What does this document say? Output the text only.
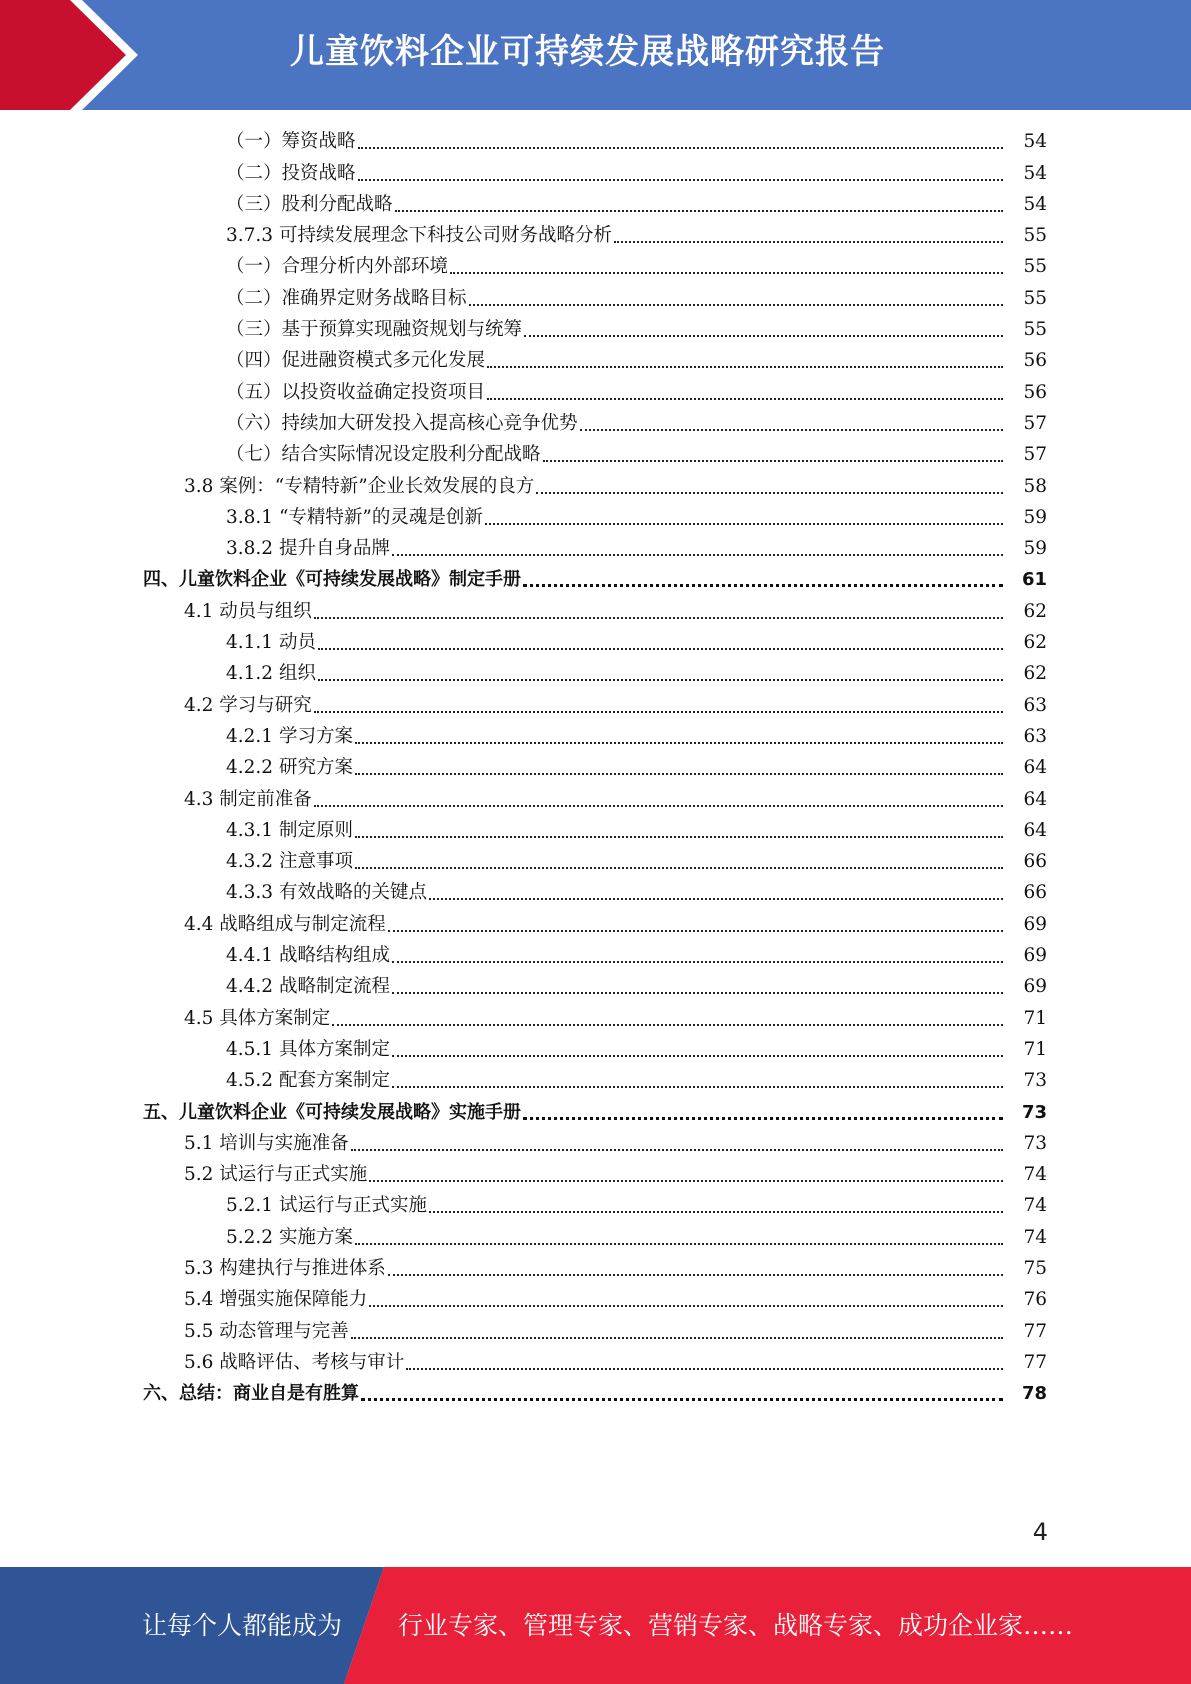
儿童饮料企业可持续发展战略研究报告
（一）筹资战略	54
（二）投资战略	54
（三）股利分配战略	54
3.7.3 可持续发展理念下科技公司财务战略分析	55
（一）合理分析内外部环境	55
（二）准确界定财务战略目标	55
（三）基于预算实现融资规划与统筹	55
（四）促进融资模式多元化发展	56
（五）以投资收益确定投资项目	56
（六）持续加大研发投入提高核心竞争优势	57
（七）结合实际情况设定股利分配战略	57
3.8 案例：“专精特新”企业长效发展的良方	58
3.8.1 “专精特新”的灵魂是创新	59
3.8.2 提升自身品牌	59
四、儿童饮料企业《可持续发展战略》制定手册	61
4.1 动员与组织	62
4.1.1 动员	62
4.1.2 组织	62
4.2 学习与研究	63
4.2.1 学习方案	63
4.2.2 研究方案	64
4.3 制定前准备	64
4.3.1 制定原则	64
4.3.2 注意事项	66
4.3.3 有效战略的关键点	66
4.4 战略组成与制定流程	69
4.4.1 战略结构组成	69
4.4.2 战略制定流程	69
4.5 具体方案制定	71
4.5.1 具体方案制定	71
4.5.2 配套方案制定	73
五、儿童饮料企业《可持续发展战略》实施手册	73
5.1 培训与实施准备	73
5.2 试运行与正式实施	74
5.2.1 试运行与正式实施	74
5.2.2 实施方案	74
5.3 构建执行与推进体系	75
5.4 增强实施保障能力	76
5.5 动态管理与完善	77
5.6 战略评估、考核与审计	77
六、总结：商业自是有胜算	78
4
让每个人都能成为 行业专家、管理专家、营销专家、战略专家、成功企业家……
